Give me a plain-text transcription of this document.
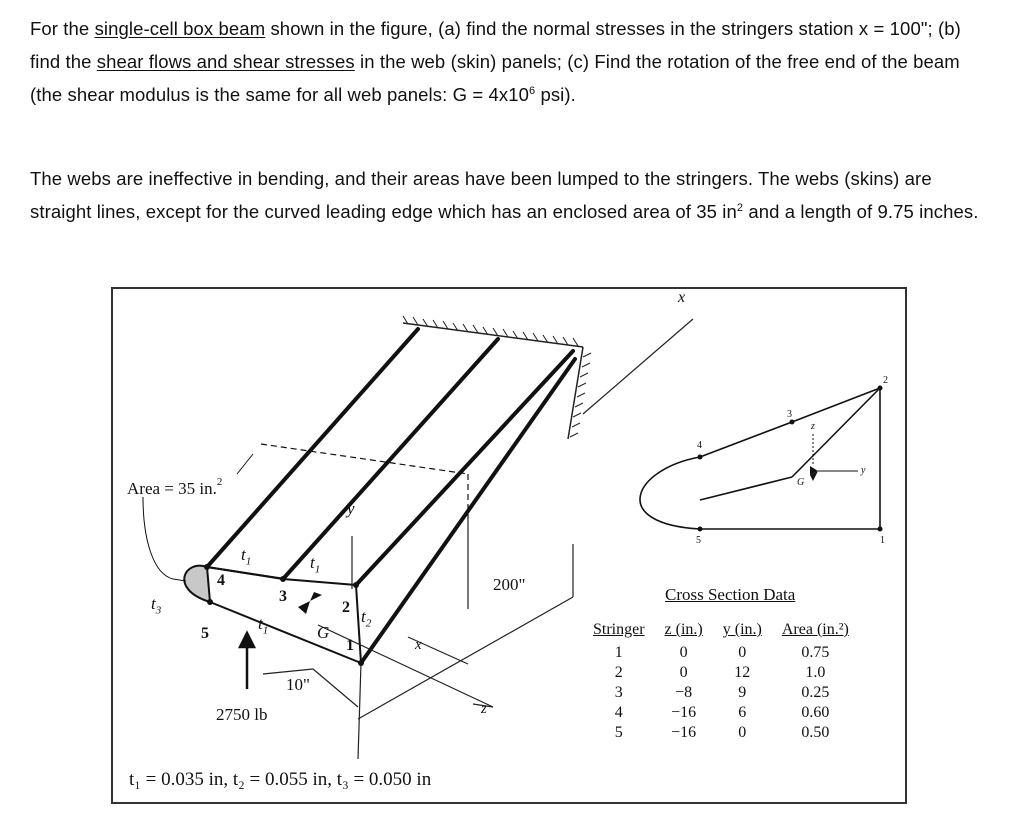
For the single-cell box beam shown in the figure, (a) find the normal stresses in the stringers station x = 100"; (b) find the shear flows and shear stresses in the web (skin) panels; (c) Find the rotation of the free end of the beam (the shear modulus is the same for all web panels: $G = 4x10^6$ psi).
The webs are ineffective in bending, and their areas have been lumped to the stringers. The webs (skins) are straight lines, except for the curved leading edge which has an enclosed area of 35 $in^2$ and a length of 9.75 inches.
Area = 35 in.$^2$
$t_1$	$t_1$
$t_1$
$t_2$
$t_3$
1
2
3
4
5	G
y
x
z
200"
10"
2750 lb
t₁ = 0.035 in, t₂ = 0.055 in, t₃ = 0.050 in
x
z
y
G
1
2
3
4
5
Cross Section Data
Stringer	z (in.)	y (in.)	Area (in.²)
1	0	0	0.75
2	0	12	1.0
3	−8	9	0.25
4	−16	6	0.60
5	−16	0	0.50
